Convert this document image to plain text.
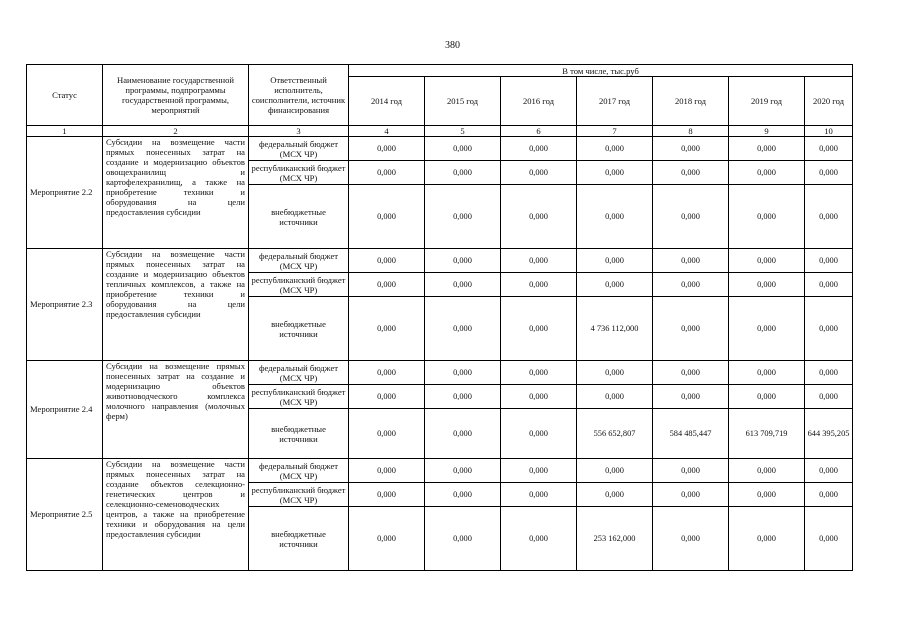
380
Статус	Наименование государственной программы, подпрограммы государственной программы, мероприятий	Ответственный исполнитель, соисполнители, источник финансирования	В том числе, тыс.руб						
			2014 год	2015 год	2016 год	2017 год	2018 год	2019 год	2020 год
1	2	3	4	5	6	7	8	9	10
Мероприятие 2.2	Субсидии на возмещение части прямых понесенных затрат на создание и модернизацию объектов овощехранилищ и картофелехранилищ, а также на приобретение техники и оборудования на цели предоставления субсидии	федеральный бюджет (МСХ ЧР)	0,000	0,000	0,000	0,000	0,000	0,000	0,000
		республиканский бюджет (МСХ ЧР)	0,000	0,000	0,000	0,000	0,000	0,000	0,000
		внебюджетные источники	0,000	0,000	0,000	0,000	0,000	0,000	0,000
Мероприятие 2.3	Субсидии на возмещение части прямых понесенных затрат на создание и модернизацию объектов тепличных комплексов, а также на приобретение техники и оборудования на цели предоставления субсидии	федеральный бюджет (МСХ ЧР)	0,000	0,000	0,000	0,000	0,000	0,000	0,000
		республиканский бюджет (МСХ ЧР)	0,000	0,000	0,000	0,000	0,000	0,000	0,000
		внебюджетные источники	0,000	0,000	0,000	4 736 112,000	0,000	0,000	0,000
Мероприятие 2.4	Субсидии на возмещение прямых понесенных затрат на создание и модернизацию объектов животноводческого комплекса молочного направления (молочных ферм)	федеральный бюджет (МСХ ЧР)	0,000	0,000	0,000	0,000	0,000	0,000	0,000
		республиканский бюджет (МСХ ЧР)	0,000	0,000	0,000	0,000	0,000	0,000	0,000
		внебюджетные источники	0,000	0,000	0,000	556 652,807	584 485,447	613 709,719	644 395,205
Мероприятие 2.5	Субсидии на возмещение части прямых понесенных затрат на создание объектов селекционно-генетических центров и селекционно-семеноводческих центров, а также на приобретение техники и оборудования на цели предоставления субсидии	федеральный бюджет (МСХ ЧР)	0,000	0,000	0,000	0,000	0,000	0,000	0,000
		республиканский бюджет (МСХ ЧР)	0,000	0,000	0,000	0,000	0,000	0,000	0,000
		внебюджетные источники	0,000	0,000	0,000	253 162,000	0,000	0,000	0,000
